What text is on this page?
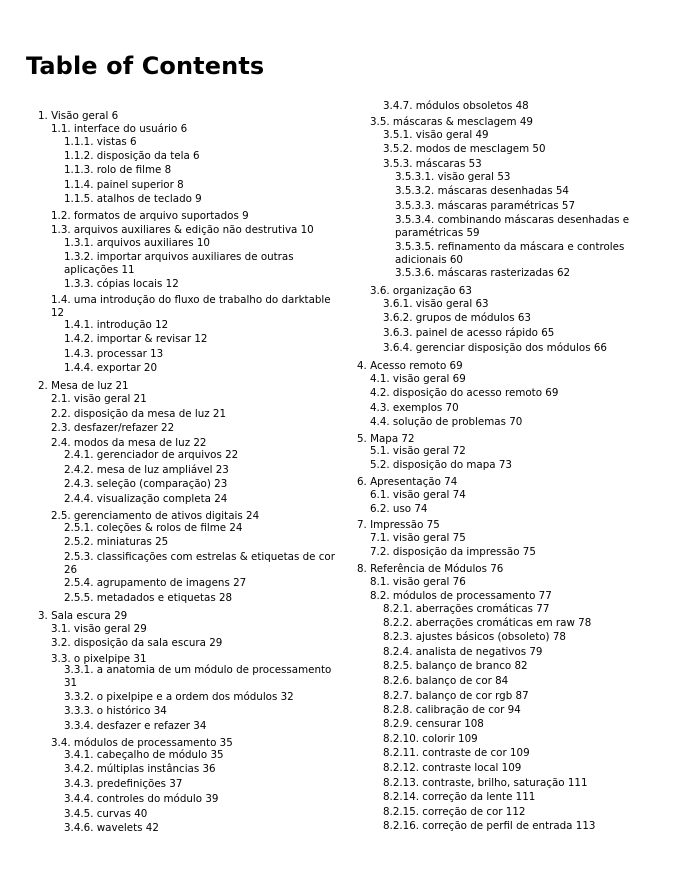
Table of Contents
1. Visão geral 6
1.1. interface do usuário 6
1.1.1. vistas 6
1.1.2. disposição da tela 6
1.1.3. rolo de filme 8
1.1.4. painel superior 8
1.1.5. atalhos de teclado 9
1.2. formatos de arquivo suportados 9
1.3. arquivos auxiliares & edição não destrutiva 10
1.3.1. arquivos auxiliares 10
1.3.2. importar arquivos auxiliares de outras aplicações 11
1.3.3. cópias locais 12
1.4. uma introdução do fluxo de trabalho do darktable 12
1.4.1. introdução 12
1.4.2. importar & revisar 12
1.4.3. processar 13
1.4.4. exportar 20
2. Mesa de luz 21
2.1. visão geral 21
2.2. disposição da mesa de luz 21
2.3. desfazer/refazer 22
2.4. modos da mesa de luz 22
2.4.1. gerenciador de arquivos 22
2.4.2. mesa de luz ampliável 23
2.4.3. seleção (comparação) 23
2.4.4. visualização completa 24
2.5. gerenciamento de ativos digitais 24
2.5.1. coleções & rolos de filme 24
2.5.2. miniaturas 25
2.5.3. classificações com estrelas & etiquetas de cor 26
2.5.4. agrupamento de imagens 27
2.5.5. metadados e etiquetas 28
3. Sala escura 29
3.1. visão geral 29
3.2. disposição da sala escura 29
3.3. o pixelpipe 31
3.3.1. a anatomia de um módulo de processamento 31
3.3.2. o pixelpipe e a ordem dos módulos 32
3.3.3. o histórico 34
3.3.4. desfazer e refazer 34
3.4. módulos de processamento 35
3.4.1. cabeçalho de módulo 35
3.4.2. múltiplas instâncias 36
3.4.3. predefinições 37
3.4.4. controles do módulo 39
3.4.5. curvas 40
3.4.6. wavelets 42
3.4.7. módulos obsoletos 48
3.5. máscaras & mesclagem 49
3.5.1. visão geral 49
3.5.2. modos de mesclagem 50
3.5.3. máscaras 53
3.5.3.1. visão geral 53
3.5.3.2. máscaras desenhadas 54
3.5.3.3. máscaras paramétricas 57
3.5.3.4. combinando máscaras desenhadas e paramétricas 59
3.5.3.5. refinamento da máscara e controles adicionais 60
3.5.3.6. máscaras rasterizadas 62
3.6. organização 63
3.6.1. visão geral 63
3.6.2. grupos de módulos 63
3.6.3. painel de acesso rápido 65
3.6.4. gerenciar disposição dos módulos 66
4. Acesso remoto 69
4.1. visão geral 69
4.2. disposição do acesso remoto 69
4.3. exemplos 70
4.4. solução de problemas 70
5. Mapa 72
5.1. visão geral 72
5.2. disposição do mapa 73
6. Apresentação 74
6.1. visão geral 74
6.2. uso 74
7. Impressão 75
7.1. visão geral 75
7.2. disposição da impressão 75
8. Referência de Módulos 76
8.1. visão geral 76
8.2. módulos de processamento 77
8.2.1. aberrações cromáticas 77
8.2.2. aberrações cromáticas em raw 78
8.2.3. ajustes básicos (obsoleto) 78
8.2.4. analista de negativos 79
8.2.5. balanço de branco 82
8.2.6. balanço de cor 84
8.2.7. balanço de cor rgb 87
8.2.8. calibração de cor 94
8.2.9. censurar 108
8.2.10. colorir 109
8.2.11. contraste de cor 109
8.2.12. contraste local 109
8.2.13. contraste, brilho, saturação 111
8.2.14. correção da lente 111
8.2.15. correção de cor 112
8.2.16. correção de perfil de entrada 113
